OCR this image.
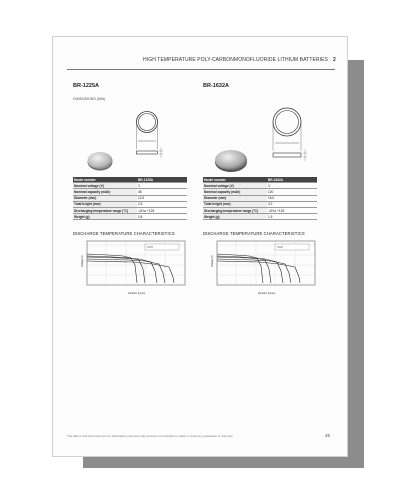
HIGH TEMPERATURE POLY-CARBONMONOFLUORIDE LITHIUM BATTERIES 2
BR-1225A
DIMENSIONS (MM)
Model number	BR-1225A
Nominal voltage (V)	3
Nominal capacity (mAh)	48
Diameter (mm)	12.5
Total height (mm)	2.5
Discharging temperature range (°C)	-40 to +125
Weight (g)	0.8
DISCHARGE TEMPERATURE CHARACTERISTICS
Voltage (V)
Duration (hours)
BR-1632A
Model number	BR-1632A
Nominal voltage (V)	3
Nominal capacity (mAh)	120
Diameter (mm)	16.0
Total height (mm)	3.2
Discharging temperature range (°C)	-40 to +125
Weight (g)	1.5
DISCHARGE TEMPERATURE CHARACTERISTICS
Voltage (V)
Duration (hours)
The data in this document are for descriptive purposes only and are not intended to make or imply any guarantee or warranty.	45
